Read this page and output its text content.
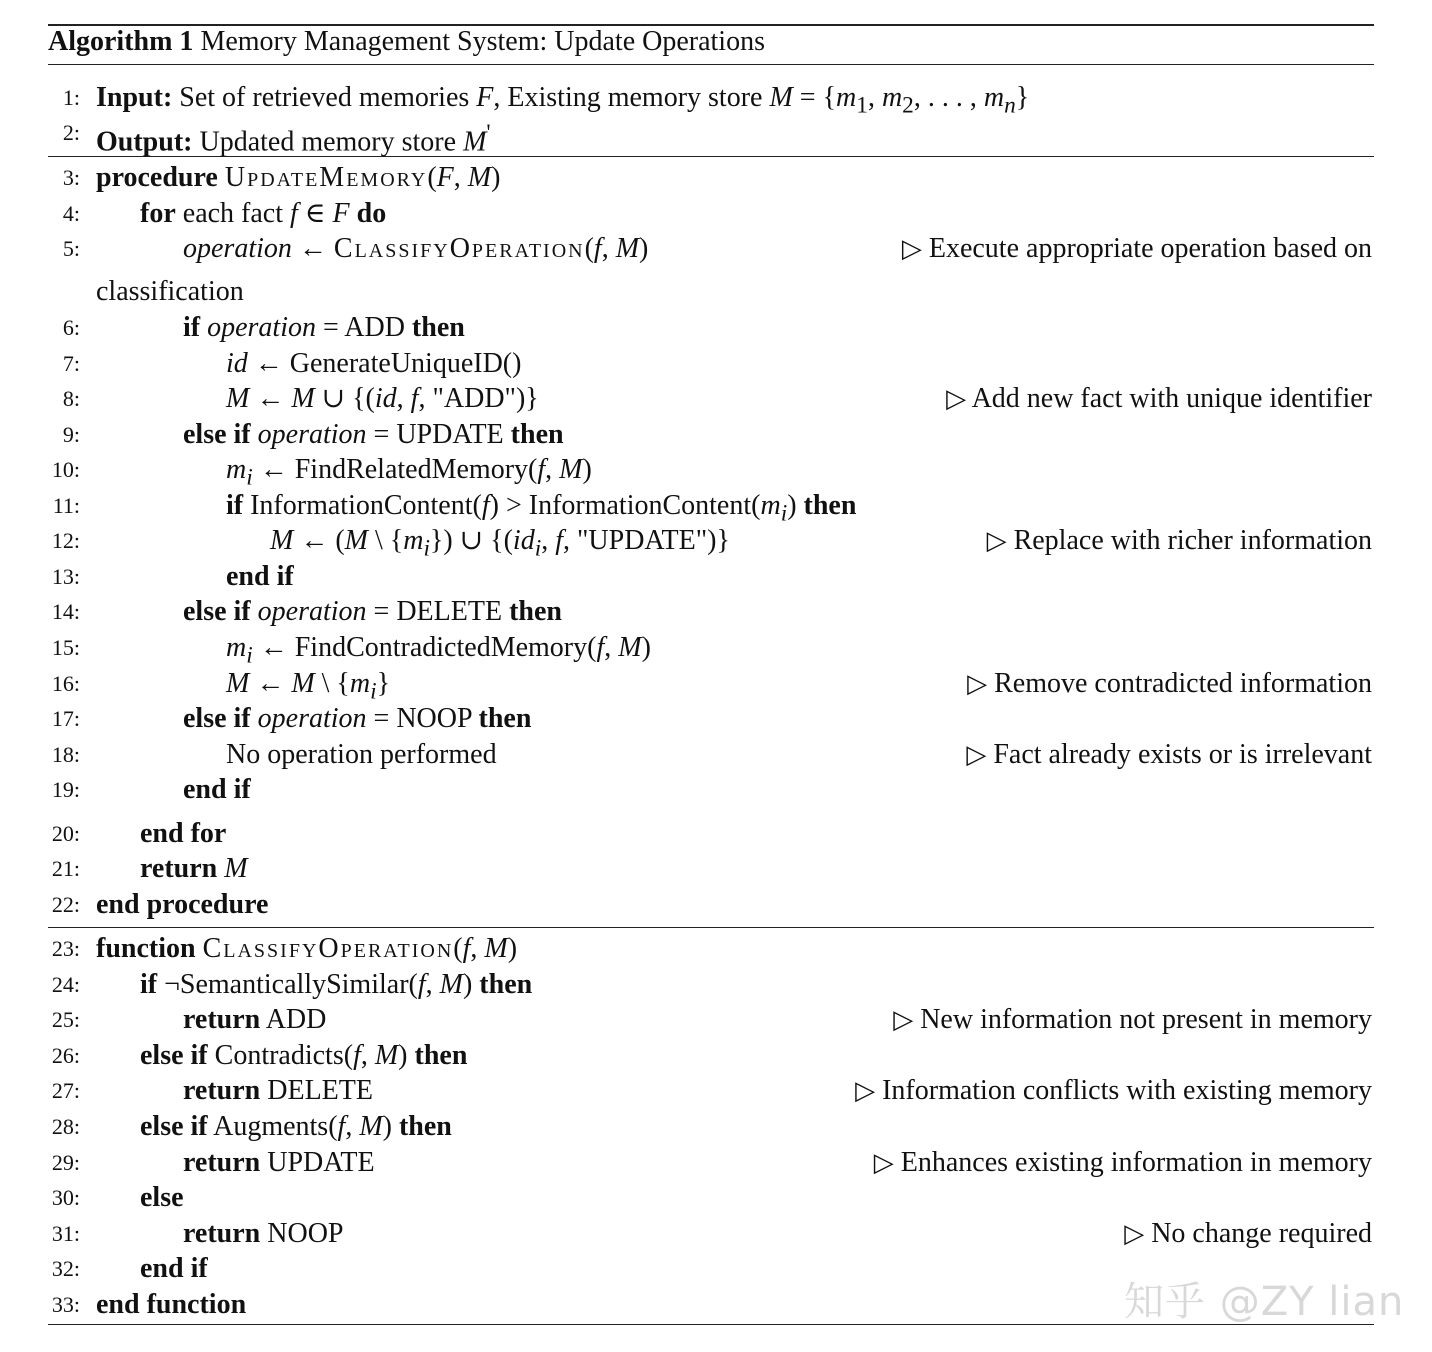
Algorithm 1 Memory Management System: Update Operations
1: Input: Set of retrieved memories F, Existing memory store $M = \{m_1$, $m_2$, . . . , $m_n$}
2: Output: Updated memory store M'
3: procedure UpdateMemory(F, M)
4: for each fact f ∈ F do
5:	operation ← ClassifyOperation(f, M)	▷ Execute appropriate operation based on
classification
6:	if operation = ADD then
7:	id ← GenerateUniqueID()
8:	M ← M ∪ {(id, f, "ADD")}	▷ Add new fact with unique identifier
9:	else if operation = UPDATE then
10:	$m_i$ ← FindRelatedMemory(f, M)
11:	if InformationContent(f) > $InformationContent(m_i)$ then
12:	M ← (M \ $\{m_i\}$) ∪ {($id_i$, f, "UPDATE")}	▷ Replace with richer information
13:	end if
14:	else if operation = DELETE then
15:	$m_i$ ← FindContradictedMemory(f, M)
16:	M ← M \ $\{m_i\}$	▷ Remove contradicted information
17:	else if operation = NOOP then
18:	No operation performed	▷ Fact already exists or is irrelevant
19:	end if
20: end for
21: return M
22: end procedure
23: function ClassifyOperation(f, M)
24: if ¬SemanticallySimilar(f, M) then
25:	return ADD	▷ New information not present in memory
26: else if Contradicts(f, M) then
27:	return DELETE	▷ Information conflicts with existing memory
28: else if Augments(f, M) then
29:	return UPDATE	▷ Enhances existing information in memory
30: else
31:	return NOOP	▷ No change required
32: end if
33: end function	知乎 @ZY lian
